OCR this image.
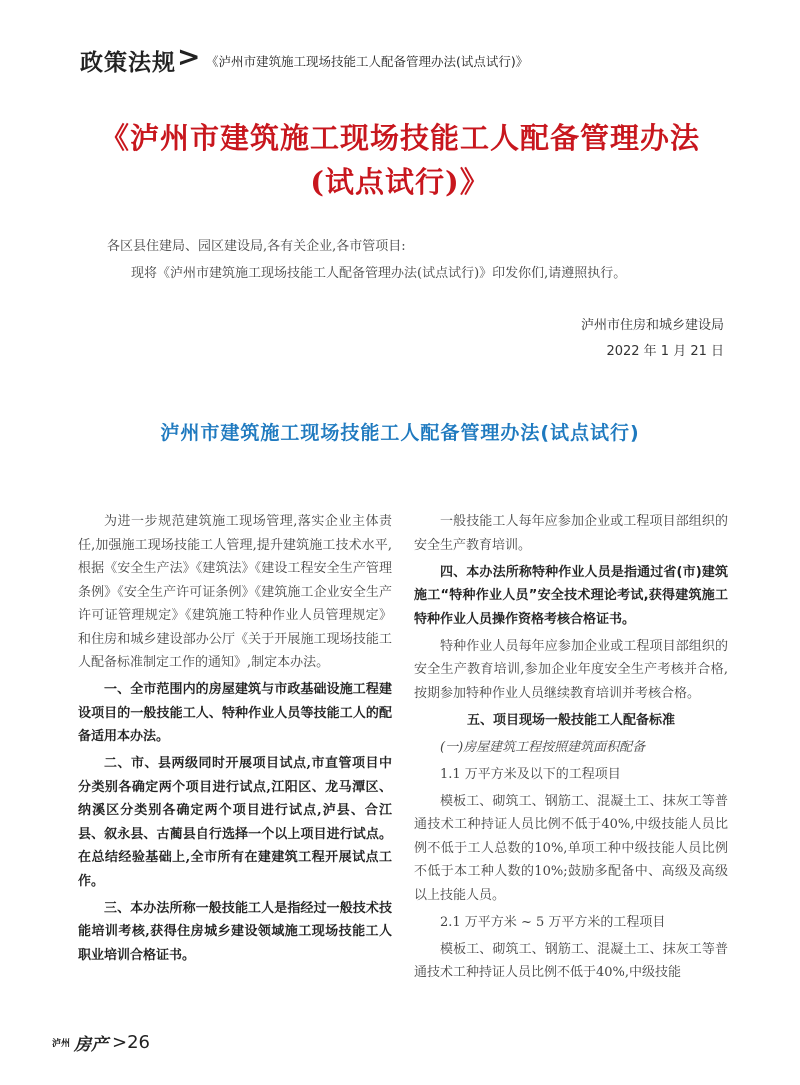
政策法规 > 《泸州市建筑施工现场技能工人配备管理办法(试点试行)》
《泸州市建筑施工现场技能工人配备管理办法
(试点试行)》
各区县住建局、园区建设局,各有关企业,各市管项目:
现将《泸州市建筑施工现场技能工人配备管理办法(试点试行)》印发你们,请遵照执行。
泸州市住房和城乡建设局
2022 年 1 月 21 日
泸州市建筑施工现场技能工人配备管理办法(试点试行)

为进一步规范建筑施工现场管理,落实企业主体责任,加强施工现场技能工人管理,提升建筑施工技术水平,根据《安全生产法》《建筑法》《建设工程安全生产管理条例》《安全生产许可证条例》《建筑施工企业安全生产许可证管理规定》《建筑施工特种作业人员管理规定》和住房和城乡建设部办公厅《关于开展施工现场技能工人配备标准制定工作的通知》,制定本办法。

一、全市范围内的房屋建筑与市政基础设施工程建设项目的一般技能工人、特种作业人员等技能工人的配备适用本办法。

二、市、县两级同时开展项目试点,市直管项目中分类别各确定两个项目进行试点,江阳区、龙马潭区、纳溪区分类别各确定两个项目进行试点,泸县、合江县、叙永县、古蔺县自行选择一个以上项目进行试点。在总结经验基础上,全市所有在建建筑工程开展试点工作。

三、本办法所称一般技能工人是指经过一般技术技能培训考核,获得住房城乡建设领域施工现场技能工人职业培训合格证书。

一般技能工人每年应参加企业或工程项目部组织的安全生产教育培训。

四、本办法所称特种作业人员是指通过省(市)建筑施工“特种作业人员”安全技术理论考试,获得建筑施工特种作业人员操作资格考核合格证书。

特种作业人员每年应参加企业或工程项目部组织的安全生产教育培训,参加企业年度安全生产考核并合格,按期参加特种作业人员继续教育培训并考核合格。

五、项目现场一般技能工人配备标准

(一)房屋建筑工程按照建筑面积配备

1.1 万平方米及以下的工程项目

模板工、砌筑工、钢筋工、混凝土工、抹灰工等普通技术工种持证人员比例不低于40%,中级技能人员比例不低于工人总数的10%,单项工种中级技能人员比例不低于本工种人数的10%;鼓励多配备中、高级及高级以上技能人员。

2.1 万平方米 ~ 5 万平方米的工程项目

模板工、砌筑工、钢筋工、混凝土工、抹灰工等普通技术工种持证人员比例不低于40%,中级技能

泸州 房产 >26
